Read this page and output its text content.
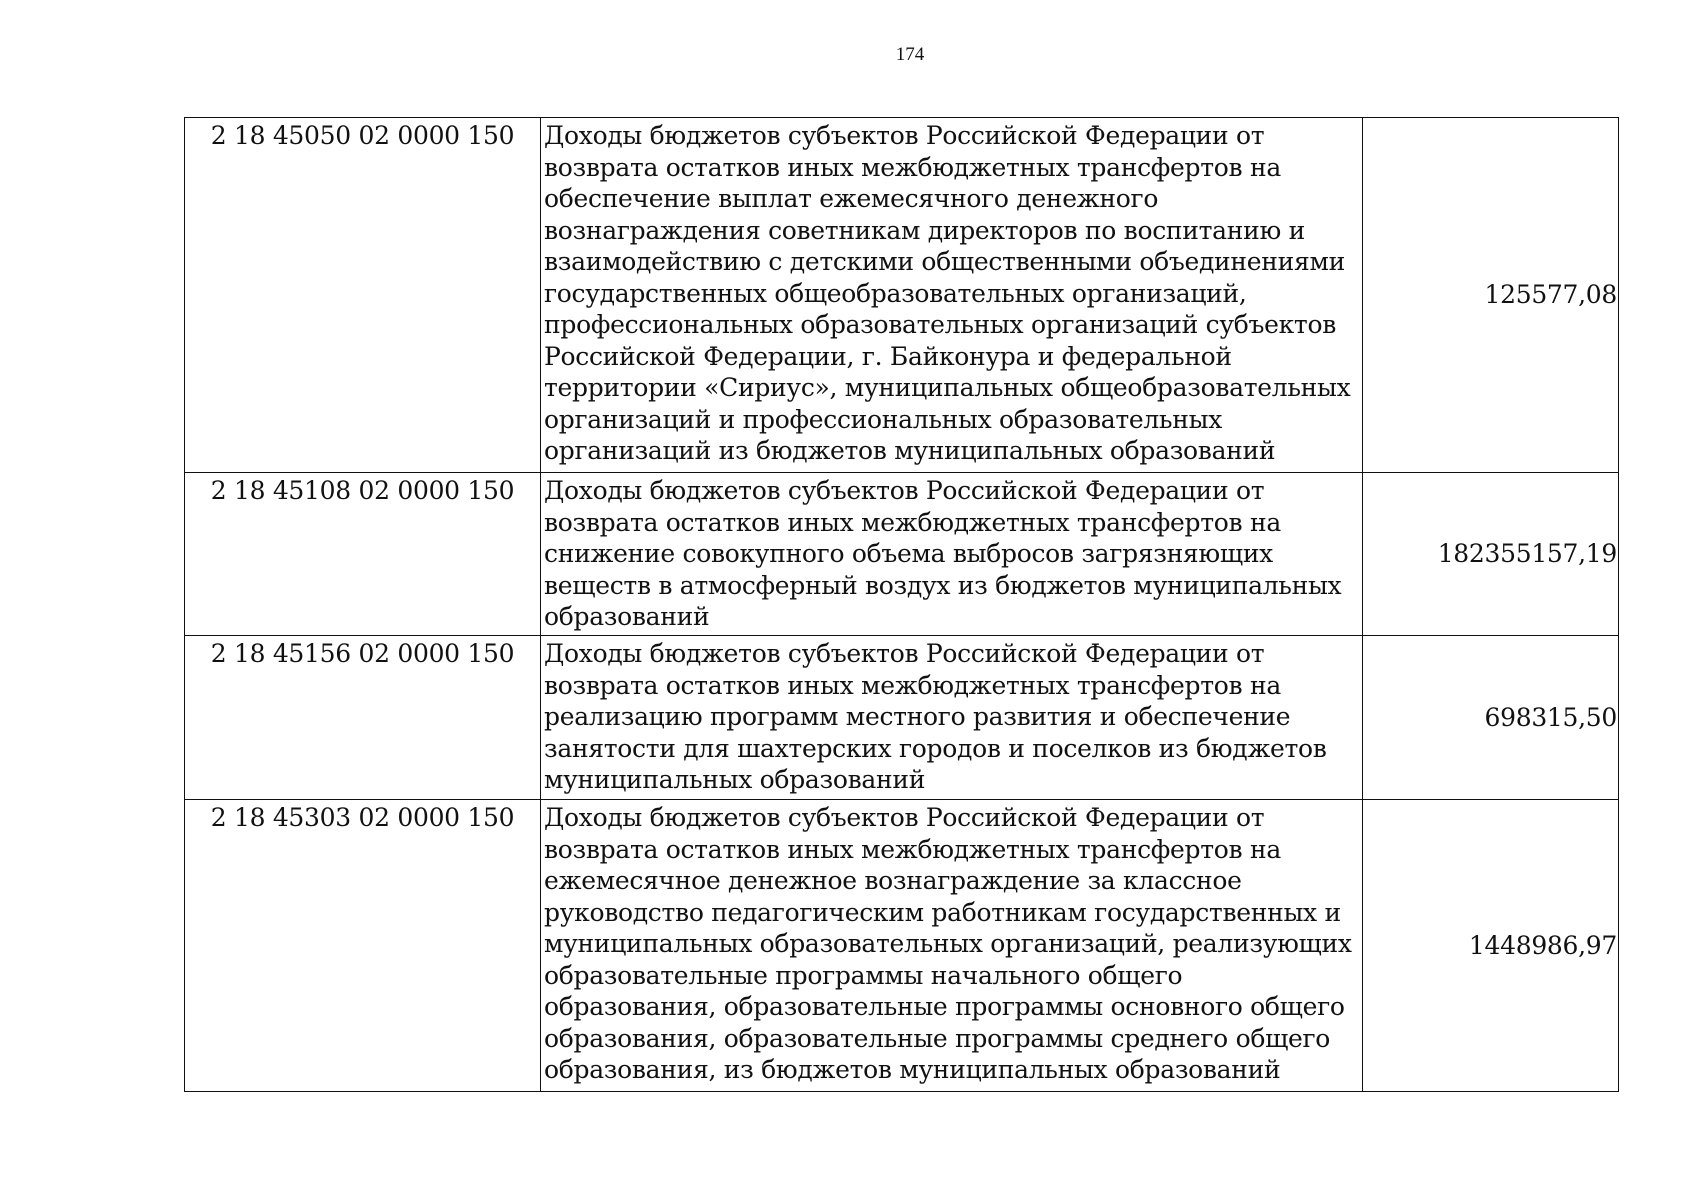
174
2 18 45050 02 0000 150	Доходы бюджетов субъектов Российской Федерации от возврата остатков иных межбюджетных трансфертов на обеспечение выплат ежемесячного денежного вознаграждения советникам директоров по воспитанию и взаимодействию с детскими общественными объединениями государственных общеобразовательных организаций, профессиональных образовательных организаций субъектов Российской Федерации, г. Байконура и федеральной территории «Сириус», муниципальных общеобразовательных организаций и профессиональных образовательных организаций из бюджетов муниципальных образований	125577,08
2 18 45108 02 0000 150	Доходы бюджетов субъектов Российской Федерации от возврата остатков иных межбюджетных трансфертов на снижение совокупного объема выбросов загрязняющих веществ в атмосферный воздух из бюджетов муниципальных образований	182355157,19
2 18 45156 02 0000 150	Доходы бюджетов субъектов Российской Федерации от возврата остатков иных межбюджетных трансфертов на реализацию программ местного развития и обеспечение занятости для шахтерских городов и поселков из бюджетов муниципальных образований	698315,50
2 18 45303 02 0000 150	Доходы бюджетов субъектов Российской Федерации от возврата остатков иных межбюджетных трансфертов на ежемесячное денежное вознаграждение за классное руководство педагогическим работникам государственных и муниципальных образовательных организаций, реализующих образовательные программы начального общего образования, образовательные программы основного общего образования, образовательные программы среднего общего образования, из бюджетов муниципальных образований	1448986,97
